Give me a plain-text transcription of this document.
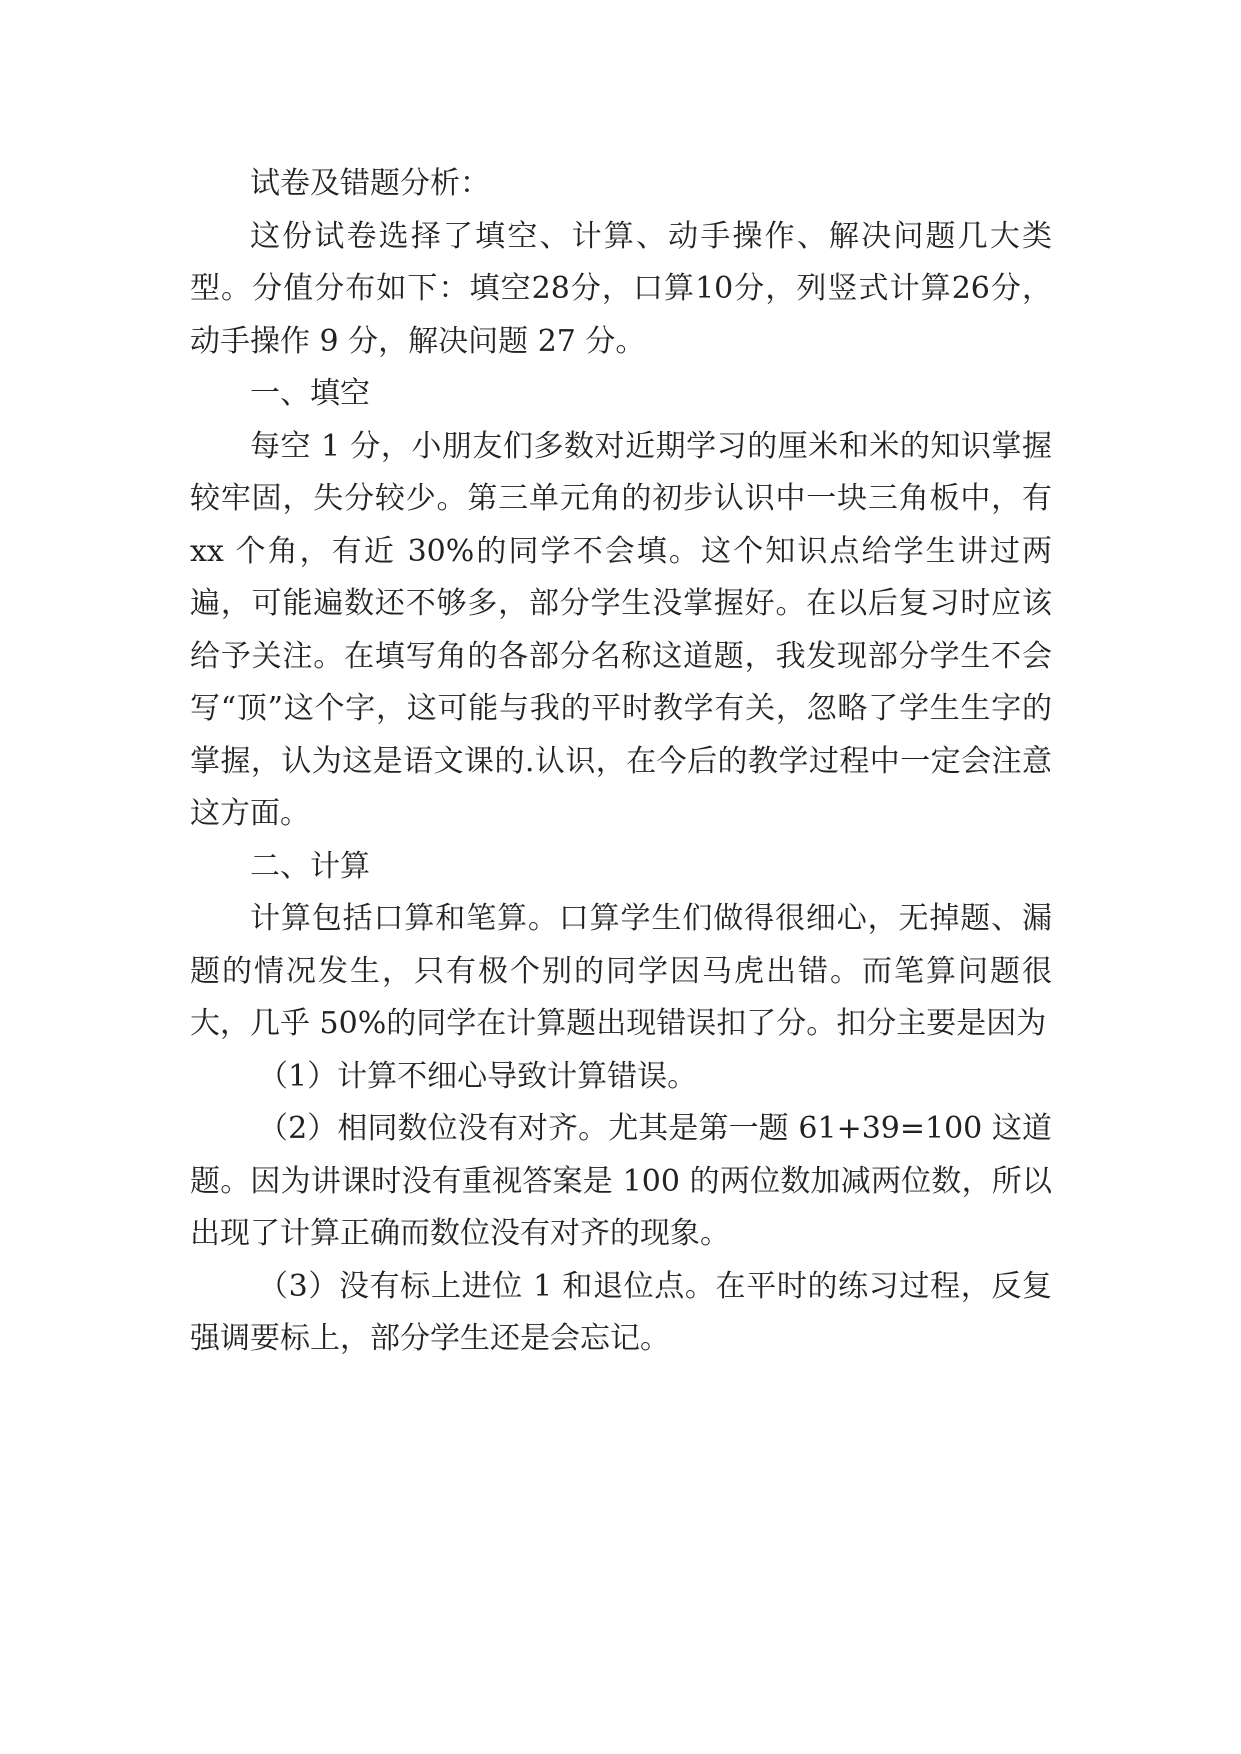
试卷及错题分析：

这份试卷选择了填空、计算、动手操作、解决问题几大类型。分值分布如下：填空28分，口算10分，列竖式计算26分，动手操作 9 分，解决问题 27 分。

一、填空

每空 1 分，小朋友们多数对近期学习的厘米和米的知识掌握较牢固，失分较少。第三单元角的初步认识中一块三角板中，有 xx 个角，有近 30%的同学不会填。这个知识点给学生讲过两遍，可能遍数还不够多，部分学生没掌握好。在以后复习时应该给予关注。在填写角的各部分名称这道题，我发现部分学生不会写“顶”这个字，这可能与我的平时教学有关，忽略了学生生字的掌握，认为这是语文课的.认识，在今后的教学过程中一定会注意这方面。

二、计算

计算包括口算和笔算。口算学生们做得很细心，无掉题、漏题的情况发生，只有极个别的同学因马虎出错。而笔算问题很大，几乎 50%的同学在计算题出现错误扣了分。扣分主要是因为

（1）计算不细心导致计算错误。

（2）相同数位没有对齐。尤其是第一题 61+39=100 这道题。因为讲课时没有重视答案是 100 的两位数加减两位数，所以出现了计算正确而数位没有对齐的现象。

（3）没有标上进位 1 和退位点。在平时的练习过程，反复强调要标上，部分学生还是会忘记。
